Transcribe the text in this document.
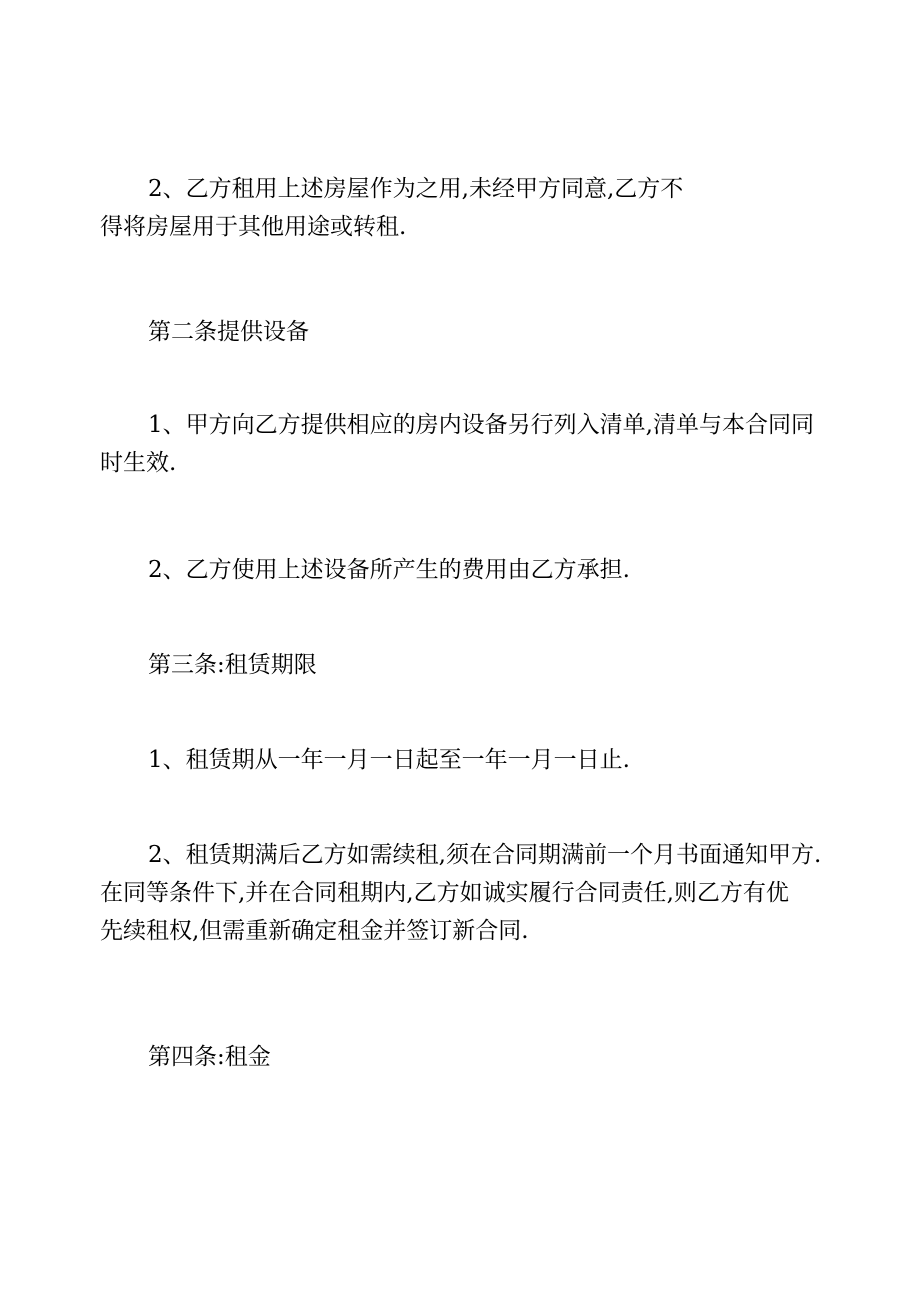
2、乙方租用上述房屋作为之用,未经甲方同意,乙方不
得将房屋用于其他用途或转租.
第二条提供设备
1、甲方向乙方提供相应的房内设备另行列入清单,清单与本合同同
时生效.
2、乙方使用上述设备所产生的费用由乙方承担.
第三条:租赁期限
1、租赁期从一年一月一日起至一年一月一日止.
2、租赁期满后乙方如需续租,须在合同期满前一个月书面通知甲方.
在同等条件下,并在合同租期内,乙方如诚实履行合同责任,则乙方有优
先续租权,但需重新确定租金并签订新合同.
第四条:租金
